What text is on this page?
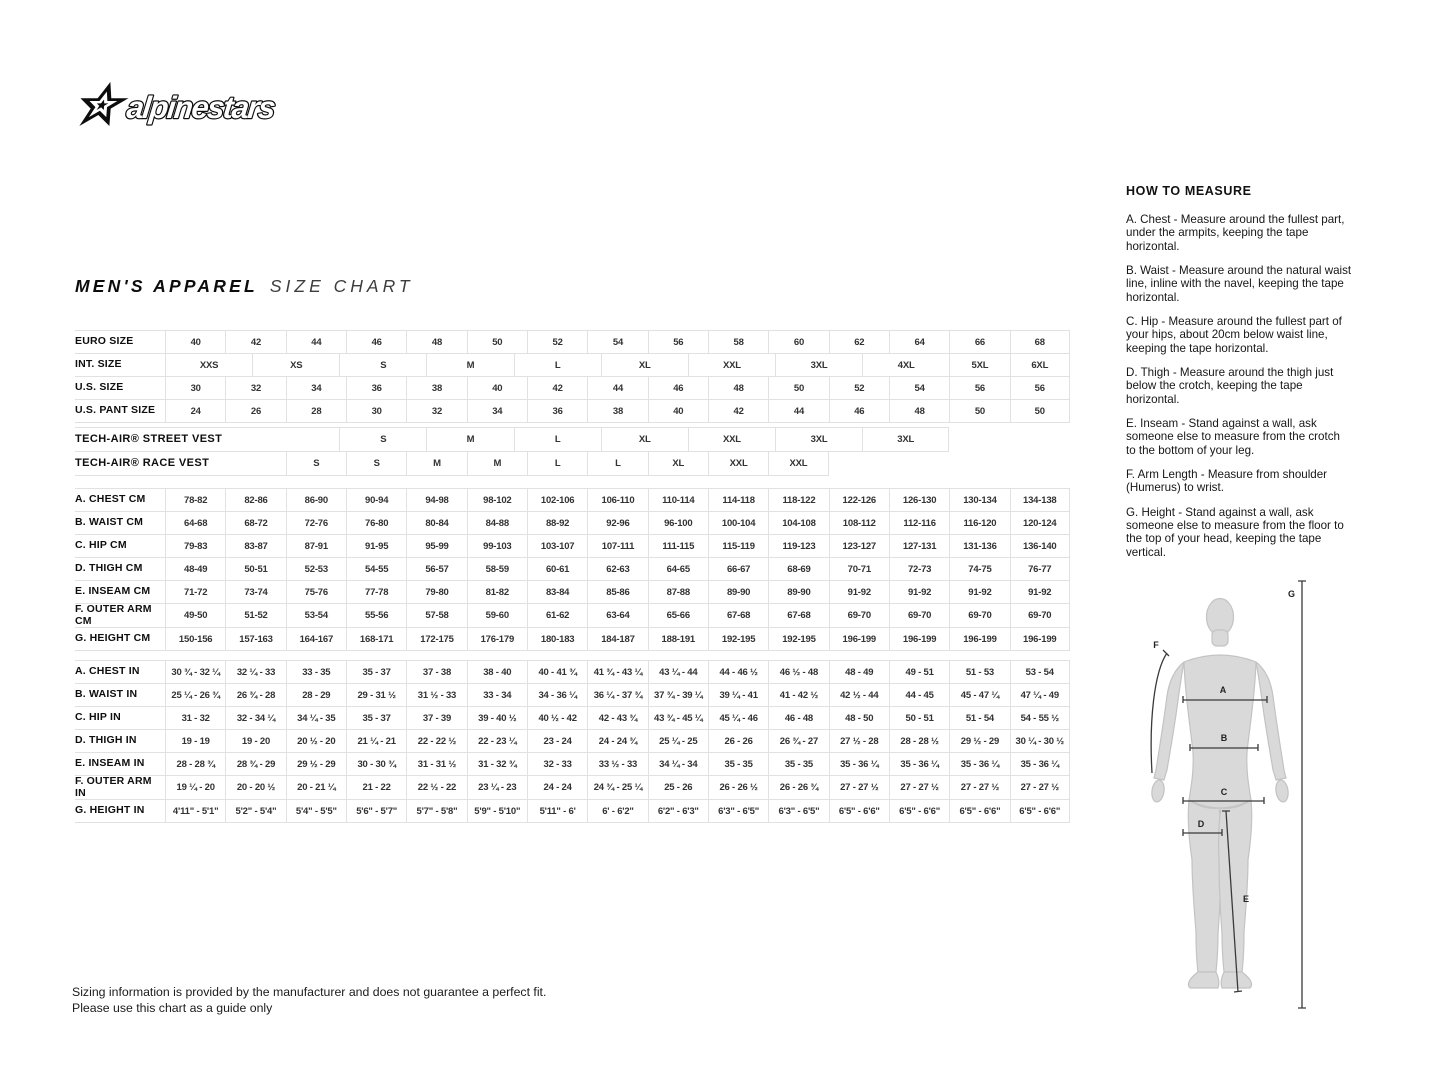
alpinestars
MEN'S APPAREL SIZE CHART
EURO SIZE	40	42	44	46	48	50	52	54	56	58	60	62	64	66	68
INT. SIZE	XXS	XS	S	M	L	XL	XXL	3XL	4XL	5XL	6XL
U.S. SIZE	30	32	34	36	38	40	42	44	46	48	50	52	54	56	56
U.S. PANT SIZE	24	26	28	30	32	34	36	38	40	42	44	46	48	50	50
TECH-AIR® STREET VEST	S	M	L	XL	XXL	3XL	3XL
TECH-AIR® RACE VEST	S	S	M	M	L	L	XL	XXL	XXL
A. CHEST CM	78-82	82-86	86-90	90-94	94-98	98-102	102-106	106-110	110-114	114-118	118-122	122-126	126-130	130-134	134-138
B. WAIST CM	64-68	68-72	72-76	76-80	80-84	84-88	88-92	92-96	96-100	100-104	104-108	108-112	112-116	116-120	120-124
C. HIP CM	79-83	83-87	87-91	91-95	95-99	99-103	103-107	107-111	111-115	115-119	119-123	123-127	127-131	131-136	136-140
D. THIGH CM	48-49	50-51	52-53	54-55	56-57	58-59	60-61	62-63	64-65	66-67	68-69	70-71	72-73	74-75	76-77
E. INSEAM CM	71-72	73-74	75-76	77-78	79-80	81-82	83-84	85-86	87-88	89-90	89-90	91-92	91-92	91-92	91-92
F. OUTER ARM CM	49-50	51-52	53-54	55-56	57-58	59-60	61-62	63-64	65-66	67-68	67-68	69-70	69-70	69-70	69-70
G. HEIGHT CM	150-156	157-163	164-167	168-171	172-175	176-179	180-183	184-187	188-191	192-195	192-195	196-199	196-199	196-199	196-199
A. CHEST IN	30 ¾ - 32 ¼	32 ¼ - 33	33 - 35	35 - 37	37 - 38	38 - 40	40 - 41 ¾	41 ¾ - 43 ¼	43 ¼ - 44	44 - 46 ½	46 ½ - 48	48 - 49	49 - 51	51 - 53	53 - 54
B. WAIST IN	25 ¼ - 26 ¾	26 ¾ - 28	28 - 29	29 - 31 ½	31 ½ - 33	33 - 34	34 - 36 ¼	36 ¼ - 37 ¾	37 ¾ - 39 ¼	39 ¼ - 41	41 - 42 ½	42 ½ - 44	44 - 45	45 - 47 ¼	47 ¼ - 49
C. HIP IN	31 - 32	32 - 34 ¼	34 ¼ - 35	35 - 37	37 - 39	39 - 40 ½	40 ½ - 42	42 - 43 ¾	43 ¾ - 45 ¼	45 ¼ - 46	46 - 48	48 - 50	50 - 51	51 - 54	54 - 55 ½
D. THIGH IN	19 - 19	19 - 20	20 ½ - 20	21 ¼ - 21	22 - 22 ½	22 - 23 ¼	23 - 24	24 - 24 ¾	25 ¼ - 25	26 - 26	26 ¾ - 27	27 ½ - 28	28 - 28 ½	29 ½ - 29	30 ¼ - 30 ½
E. INSEAM IN	28 - 28 ¾	28 ¾ - 29	29 ½ - 29	30 - 30 ¾	31 - 31 ½	31 - 32 ¾	32 - 33	33 ½ - 33	34 ¼ - 34	35 - 35	35 - 35	35 - 36 ¼	35 - 36 ¼	35 - 36 ¼	35 - 36 ¼
F. OUTER ARM IN	19 ¼ - 20	20 - 20 ½	20 - 21 ¼	21 - 22	22 ½ - 22	23 ¼ - 23	24 - 24	24 ¾ - 25 ¼	25 - 26	26 - 26 ½	26 - 26 ¾	27 - 27 ½	27 - 27 ½	27 - 27 ½	27 - 27 ½
G. HEIGHT IN	4'11" - 5'1"	5'2" - 5'4"	5'4" - 5'5"	5'6" - 5'7"	5'7" - 5'8"	5'9" - 5'10"	5'11" - 6'	6' - 6'2"	6'2" - 6'3"	6'3" - 6'5"	6'3" - 6'5"	6'5" - 6'6"	6'5" - 6'6"	6'5" - 6'6"	6'5" - 6'6"
HOW TO MEASURE

A. Chest - Measure around the fullest part, under the armpits, keeping the tape horizontal.

B. Waist - Measure around the natural waist line, inline with the navel, keeping the tape horizontal.

C. Hip - Measure around the fullest part of your hips, about 20cm below waist line, keeping the tape horizontal.

D. Thigh - Measure around the thigh just below the crotch, keeping the tape horizontal.

E. Inseam - Stand against a wall, ask someone else to measure from the crotch to the bottom of your leg.

F. Arm Length - Measure from shoulder (Humerus) to wrist.

G. Height - Stand against a wall, ask someone else to measure from the floor to the top of your head, keeping the tape vertical.

A
B
C
D
E
F
G
Sizing information is provided by the manufacturer and does not guarantee a perfect fit.
Please use this chart as a guide only
